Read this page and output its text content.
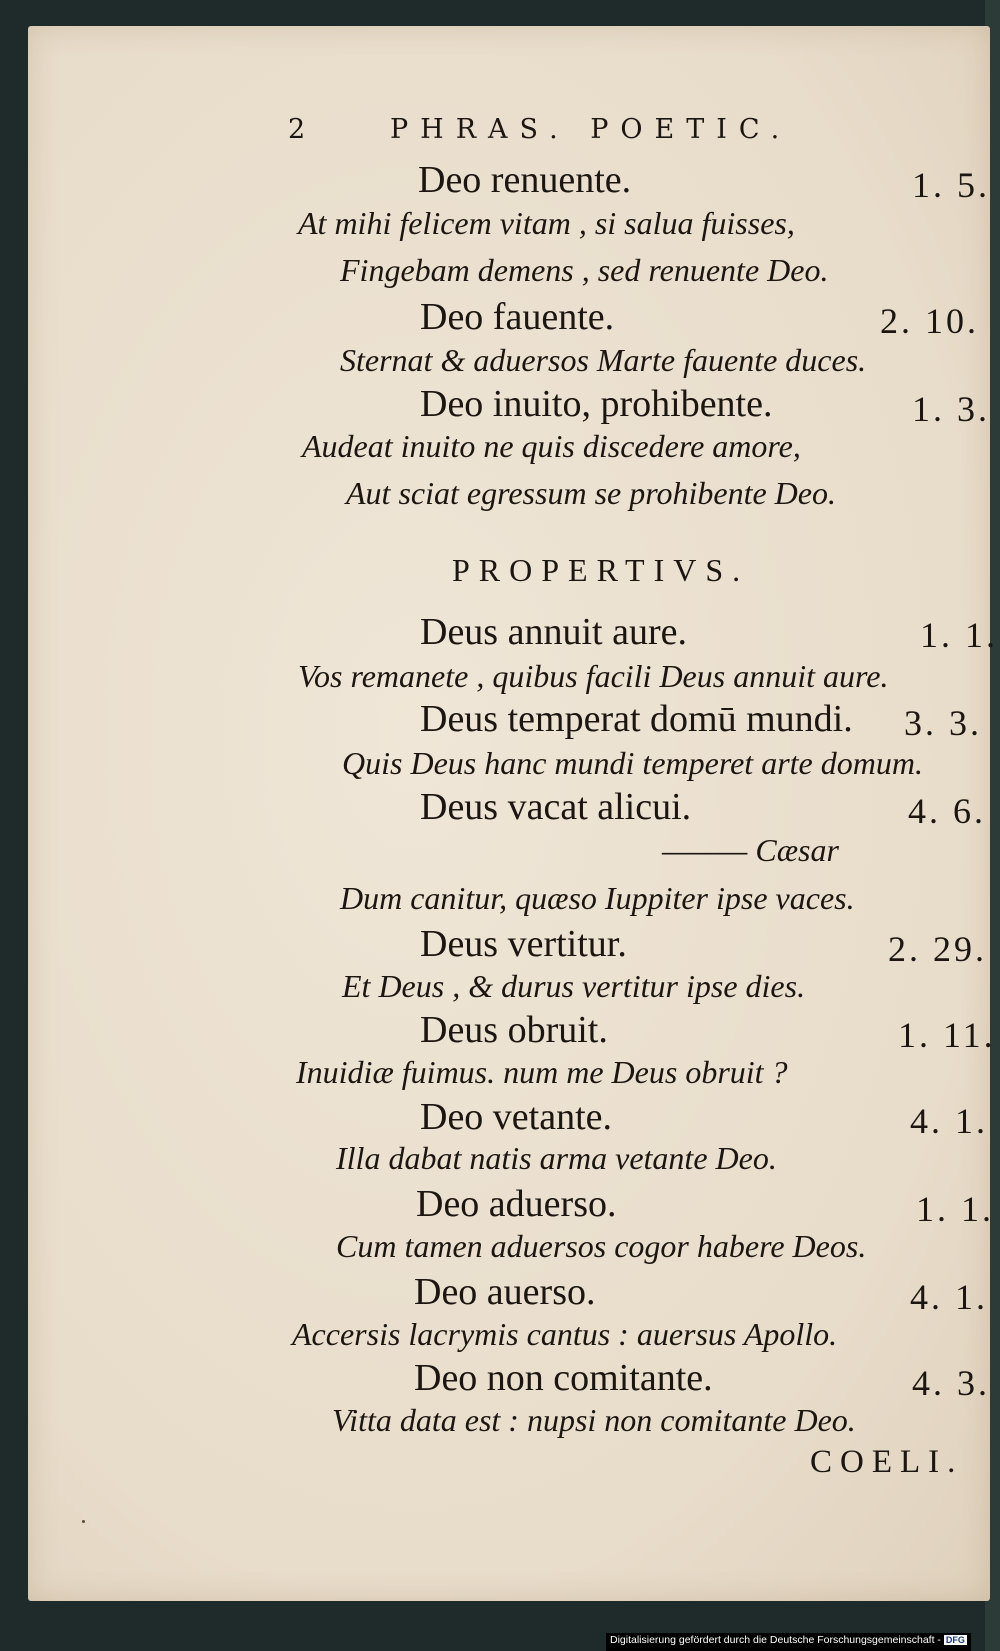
2	PHRAS. POETIC.
Deo renuente.	1. 5.
At mihi felicem vitam , si salua fuisses,
Fingebam demens , sed renuente Deo.
Deo fauente.	2. 10.
Sternat & aduersos Marte fauente duces.
Deo inuito, prohibente.	1. 3.
Audeat inuito ne quis discedere amore,
Aut sciat egressum se prohibente Deo.
PROPERTIVS.
Deus annuit aure.	1. 1.
Vos remanete , quibus facili Deus annuit aure.
Deus temperat domū mundi. 3. 3.
Quis Deus hanc mundi temperet arte domum.
Deus vacat alicui.	4. 6.
——— Cæsar
Dum canitur, quæso Iuppiter ipse vaces.
Deus vertitur.	2. 29.
Et Deus , & durus vertitur ipse dies.
Deus obruit.	1. 11.
Inuidiæ fuimus. num me Deus obruit ?
Deo vetante.	4. 1.
Illa dabat natis arma vetante Deo.
Deo aduerso.	1. 1.
Cum tamen aduersos cogor habere Deos.
Deo auerso.	4. 1.
Accersis lacrymis cantus : auersus Apollo.
Deo non comitante.	4. 3.
Vitta data est : nupsi non comitante Deo.
COELI.
Digitalisierung gefördert durch die Deutsche Forschungsgemeinschaft - DFG
